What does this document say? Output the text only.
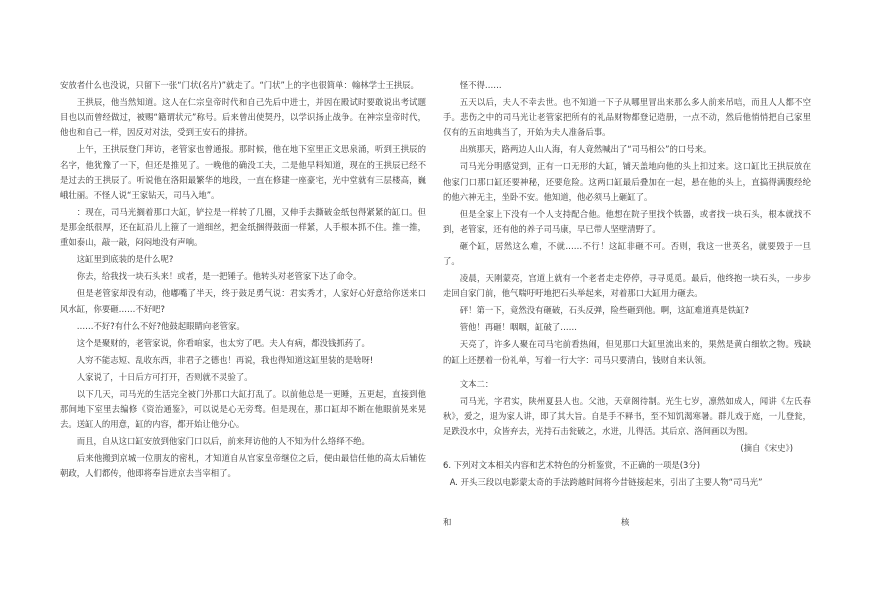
安放者什么也没说，只留下一张“门状(名片)”就走了。“门状”上的字也很简单：翰林学士王拱辰。

王拱辰，他当然知道。这人在仁宗皇帝时代和自己先后中进士，并因在殿试时要敢说出考试题目也以而曾经做过，被赐“籍谓状元”称号。后来曾出使契丹，以学识扬止战争。在神宗皇帝时代，他也和自己一样，因反对对法，受到王安石的排挤。

上午，王拱辰登门拜访，老管家也曾通报。那时候，他在地下室里正文思泉涌，听到王拱辰的名字，他犹豫了一下，但还是推见了。一晚他的确没工夫，二是他早料知道，现在的王拱辰已经不是过去的王拱辰了。听说他在洛阳最繁华的地段，一直在修建一座豪宅，光中堂就有三层楼高，巍峨壮丽。不怪人说“王家钻天，司马入地”。

：现在，司马光搁着那口大缸，铲拉是一样转了几圈，又伸手去撕破金纸包得紧紧的缸口。但是那金纸很厚，还在缸沿儿上箍了一道细丝，把金纸捆得鼓面一样紧，人手根本抓不住。推一推，重如泰山，敲一敲，闷闷地没有声响。

这缸里到底装的是什么呢?

你去，给我找一块石头来！或者，是一把锤子。他转头对老管家下达了命令。

但是老管家却没有动，他嘟嘴了半天，终于鼓足勇气说：君实秀才，人家好心好意给你送来口风水缸，你要砸……不好吧?

……不好?有什么不好?他鼓起眼睛向老管家。

这个是聚财的，老管家说，你看咱家，也太穷了吧。夫人有病，都没钱抓药了。

人穷不能志短、乱收东西，非君子之德也！再说，我也得知道这缸里装的是啥呀!

人家说了，十日后方可打开，否则就不灵验了。

以下几天，司马光的生活完全被门外那口大缸打乱了。以前他总是一更睡，五更起，直接到他那间地下室里去编修《资治通鉴》，可以说是心无旁骛。但是现在，那口缸却不断在他眼前晃来晃去。送缸人的用意，缸的内容，都开始让他分心。

而且，自从这口缸安放到他家门口以后，前来拜访他的人不知为什么络绎不绝。

后来他搬到京城一位朋友的密札，才知道自从官家皇帝继位之后，便由最信任他的高太后辅佐朝政，人们都传，他即将奉旨进京去当宰相了。

怪不得……

五天以后，夫人不幸去世。也不知道一下子从哪里冒出来那么多人前来吊唁，而且人人都不空手。悲伤之中的司马光让老管家把所有的礼品财物都登记造册，一点不动，然后他悄悄把自己家里仅有的五亩地典当了，开始为夫人准备后事。

出殡那天，路两边人山人海，有人竟然喊出了“司马相公”的口号来。

司马光分明感觉到，正有一口无形的大缸，铺天盖地向他的头上扣过来。这口缸比王拱辰放在他家门口那口缸还要神秘，还要危险。这两口缸最后叠加在一起，悬在他的头上，直搞得满腹经纶的他六神无主，坐卧不安。他知道，他必须马上砸缸了。

但是全家上下没有一个人支持配合他。他想在院子里找个铁器，或者找一块石头，根本就找不到，老管家，还有他的养子司马康，早已带人坚壁清野了。

砸个缸，居然这么难，不就……不行！这缸非砸不可。否则，我这一世英名，就要毁于一旦了。

凌晨，天刚蒙亮，宫道上就有一个老者走走停停，寻寻觅觅。最后，他终抱一块石头，一步步走回自家门前，他气喘吁吁地把石头举起来，对着那口大缸用力砸去。

砰！第一下，竟然没有砸破，石头反弹，险些砸到他。啊，这缸难道真是铁缸?

管他！再砸！咽咽，缸破了……

天亮了，许多人聚在司马宅前看热闹，但见那口大缸里流出来的，果然是黄白细软之物。残缺的缸上还摆着一份礼单，写着一行大字：司马只要清白，钱财自来认领。

文本二：

司马光，字君实，陕州夏县人也。父池，天章阁待制。光生七岁，凛然如成人，闻讲《左氏春秋》，爱之，退为家人讲，即了其大旨。自是手不释书，至不知饥渴寒暑。群儿戏于庭，一儿登瓮，足跌没水中，众皆弃去，光持石击瓮破之，水迸，儿得活。其后京、洛间画以为图。

(摘自《宋史》)

6. 下列对文本相关内容和艺术特色的分析鉴赏，不正确的一项是(3分)

A. 开头三段以电影蒙太奇的手法跨越时间将今昔链接起来，引出了主要人物“司马光”

和	核
